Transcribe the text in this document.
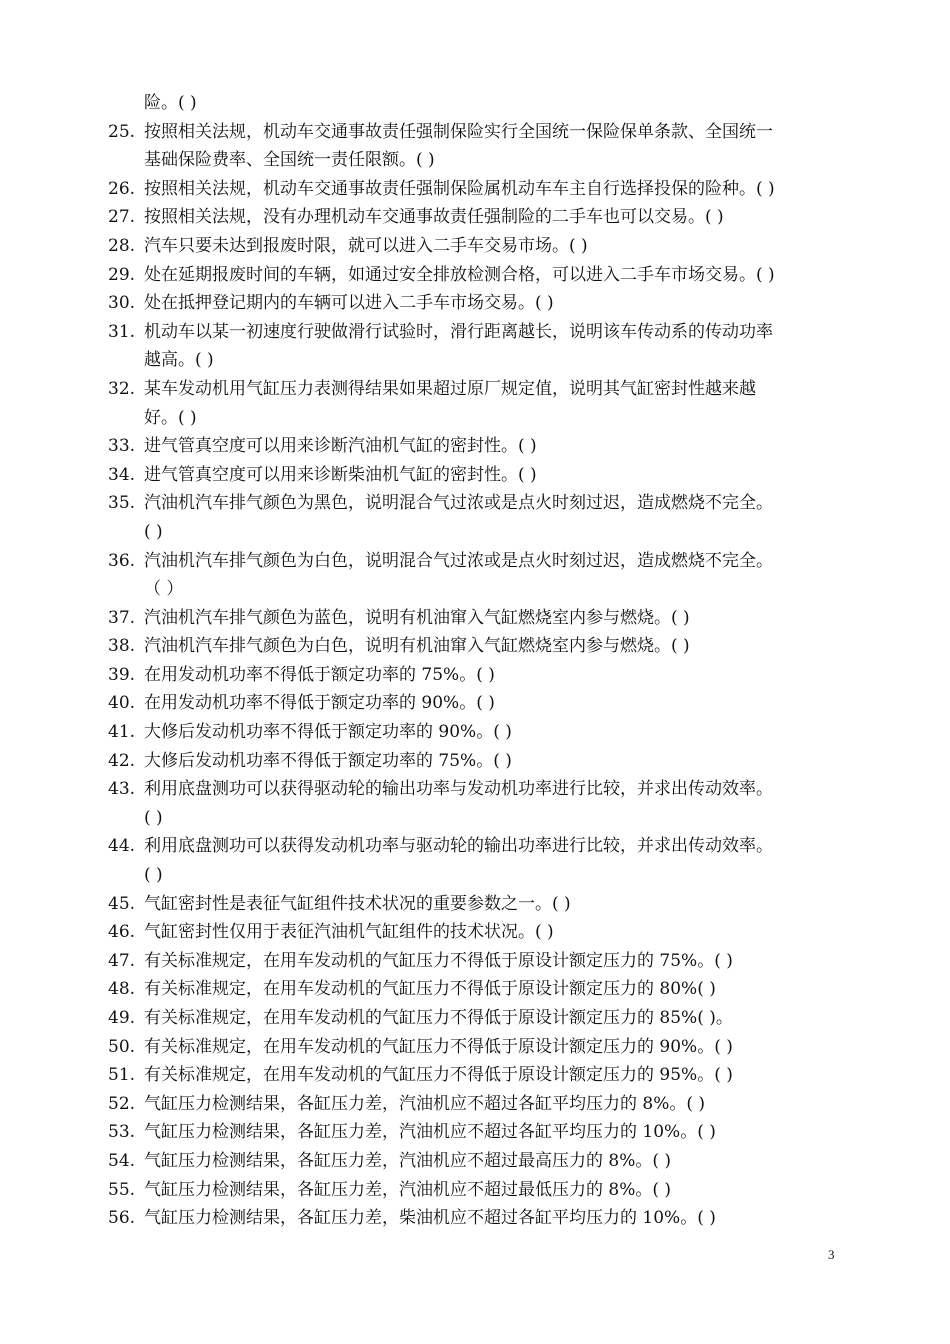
险。( )
25. 按照相关法规，机动车交通事故责任强制保险实行全国统一保险保单条款、全国统一
基础保险费率、全国统一责任限额。( )
26. 按照相关法规，机动车交通事故责任强制保险属机动车车主自行选择投保的险种。( )
27. 按照相关法规，没有办理机动车交通事故责任强制险的二手车也可以交易。( )
28. 汽车只要未达到报废时限，就可以进入二手车交易市场。( )
29. 处在延期报废时间的车辆，如通过安全排放检测合格，可以进入二手车市场交易。( )
30. 处在抵押登记期内的车辆可以进入二手车市场交易。( )
31. 机动车以某一初速度行驶做滑行试验时，滑行距离越长，说明该车传动系的传动功率
越高。( )
32. 某车发动机用气缸压力表测得结果如果超过原厂规定值，说明其气缸密封性越来越
好。( )
33. 进气管真空度可以用来诊断汽油机气缸的密封性。( )
34. 进气管真空度可以用来诊断柴油机气缸的密封性。( )
35. 汽油机汽车排气颜色为黑色，说明混合气过浓或是点火时刻过迟，造成燃烧不完全。
( )
36. 汽油机汽车排气颜色为白色，说明混合气过浓或是点火时刻过迟，造成燃烧不完全。
（ ）
37. 汽油机汽车排气颜色为蓝色，说明有机油窜入气缸燃烧室内参与燃烧。( )
38. 汽油机汽车排气颜色为白色，说明有机油窜入气缸燃烧室内参与燃烧。( )
39. 在用发动机功率不得低于额定功率的 75%。( )
40. 在用发动机功率不得低于额定功率的 90%。( )
41. 大修后发动机功率不得低于额定功率的 90%。( )
42. 大修后发动机功率不得低于额定功率的 75%。( )
43. 利用底盘测功可以获得驱动轮的输出功率与发动机功率进行比较，并求出传动效率。
( )
44. 利用底盘测功可以获得发动机功率与驱动轮的输出功率进行比较，并求出传动效率。
( )
45. 气缸密封性是表征气缸组件技术状况的重要参数之一。( )
46. 气缸密封性仅用于表征汽油机气缸组件的技术状况。( )
47. 有关标准规定，在用车发动机的气缸压力不得低于原设计额定压力的 75%。( )
48. 有关标准规定，在用车发动机的气缸压力不得低于原设计额定压力的 80%( )
49. 有关标准规定，在用车发动机的气缸压力不得低于原设计额定压力的 85%( )。
50. 有关标准规定，在用车发动机的气缸压力不得低于原设计额定压力的 90%。( )
51. 有关标准规定，在用车发动机的气缸压力不得低于原设计额定压力的 95%。( )
52. 气缸压力检测结果，各缸压力差，汽油机应不超过各缸平均压力的 8%。( )
53. 气缸压力检测结果，各缸压力差，汽油机应不超过各缸平均压力的 10%。( )
54. 气缸压力检测结果，各缸压力差，汽油机应不超过最高压力的 8%。( )
55. 气缸压力检测结果，各缸压力差，汽油机应不超过最低压力的 8%。( )
56. 气缸压力检测结果，各缸压力差，柴油机应不超过各缸平均压力的 10%。( )
3
